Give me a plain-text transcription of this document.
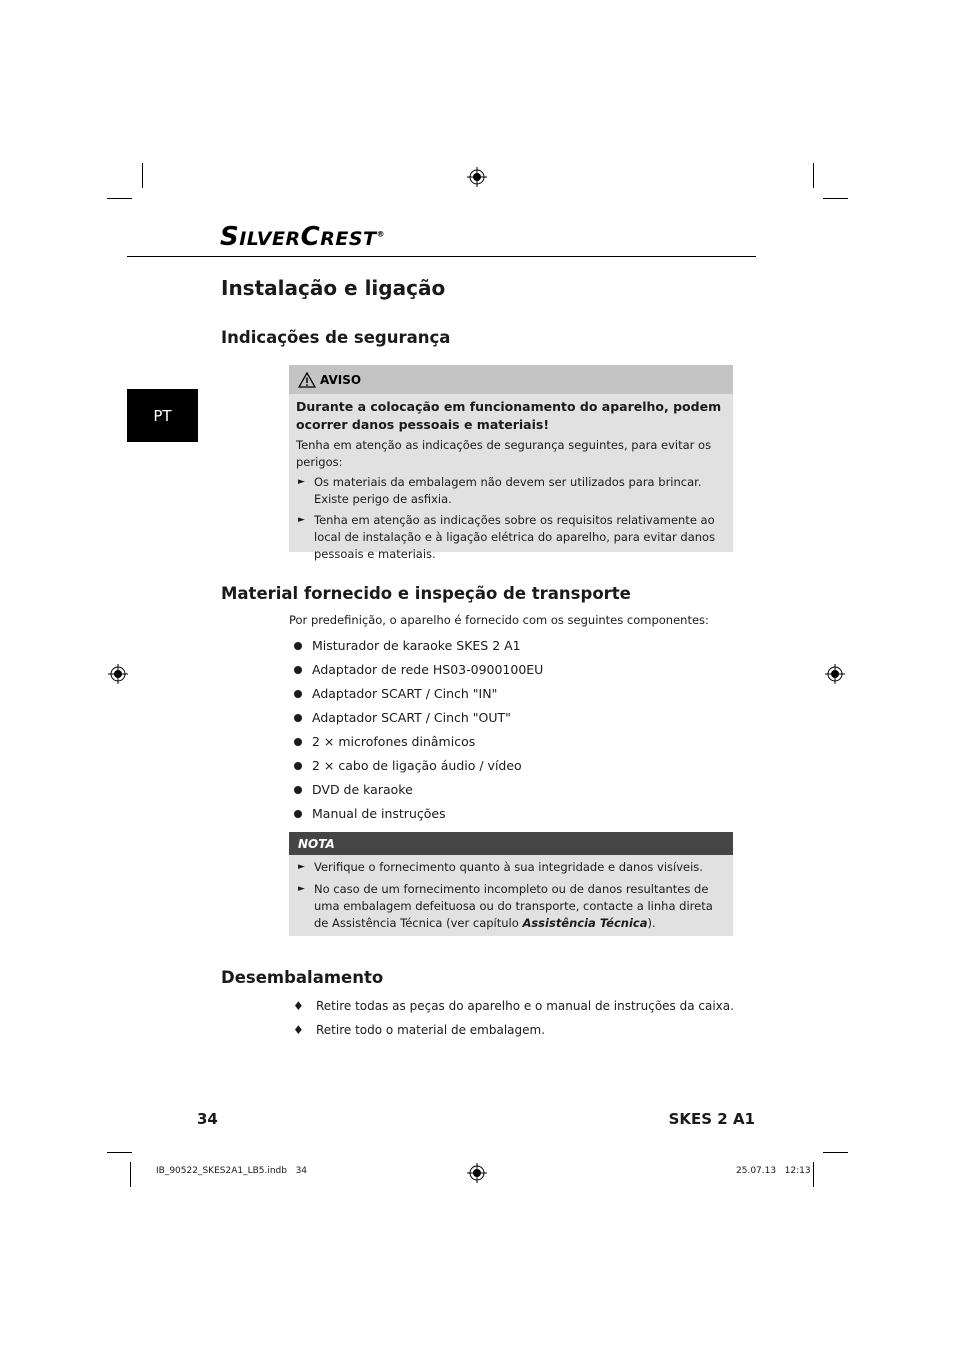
SILVERCREST®
PT
Instalação e ligação
Indicações de segurança
AVISO
Durante a colocação em funcionamento do aparelho, podem ocorrer danos pessoais e materiais!
Tenha em atenção as indicações de segurança seguintes, para evitar os perigos:
► Os materiais da embalagem não devem ser utilizados para brincar. Existe perigo de asfixia.
► Tenha em atenção as indicações sobre os requisitos relativamente ao local de instalação e à ligação elétrica do aparelho, para evitar danos pessoais e materiais.
Material fornecido e inspeção de transporte
Por predefinição, o aparelho é fornecido com os seguintes componentes:
Misturador de karaoke SKES 2 A1
Adaptador de rede HS03-0900100EU
Adaptador SCART / Cinch "IN"
Adaptador SCART / Cinch "OUT"
2 × microfones dinâmicos
2 × cabo de ligação áudio / vídeo
DVD de karaoke
Manual de instruções
NOTA
► Verifique o fornecimento quanto à sua integridade e danos visíveis.
► No caso de um fornecimento incompleto ou de danos resultantes de uma embalagem defeituosa ou do transporte, contacte a linha direta de Assistência Técnica (ver capítulo Assistência Técnica).
Desembalamento
♦ Retire todas as peças do aparelho e o manual de instruções da caixa.
♦ Retire todo o material de embalagem.
34	SKES 2 A1
IB_90522_SKES2A1_LB5.indb   34	25.07.13   12:13
